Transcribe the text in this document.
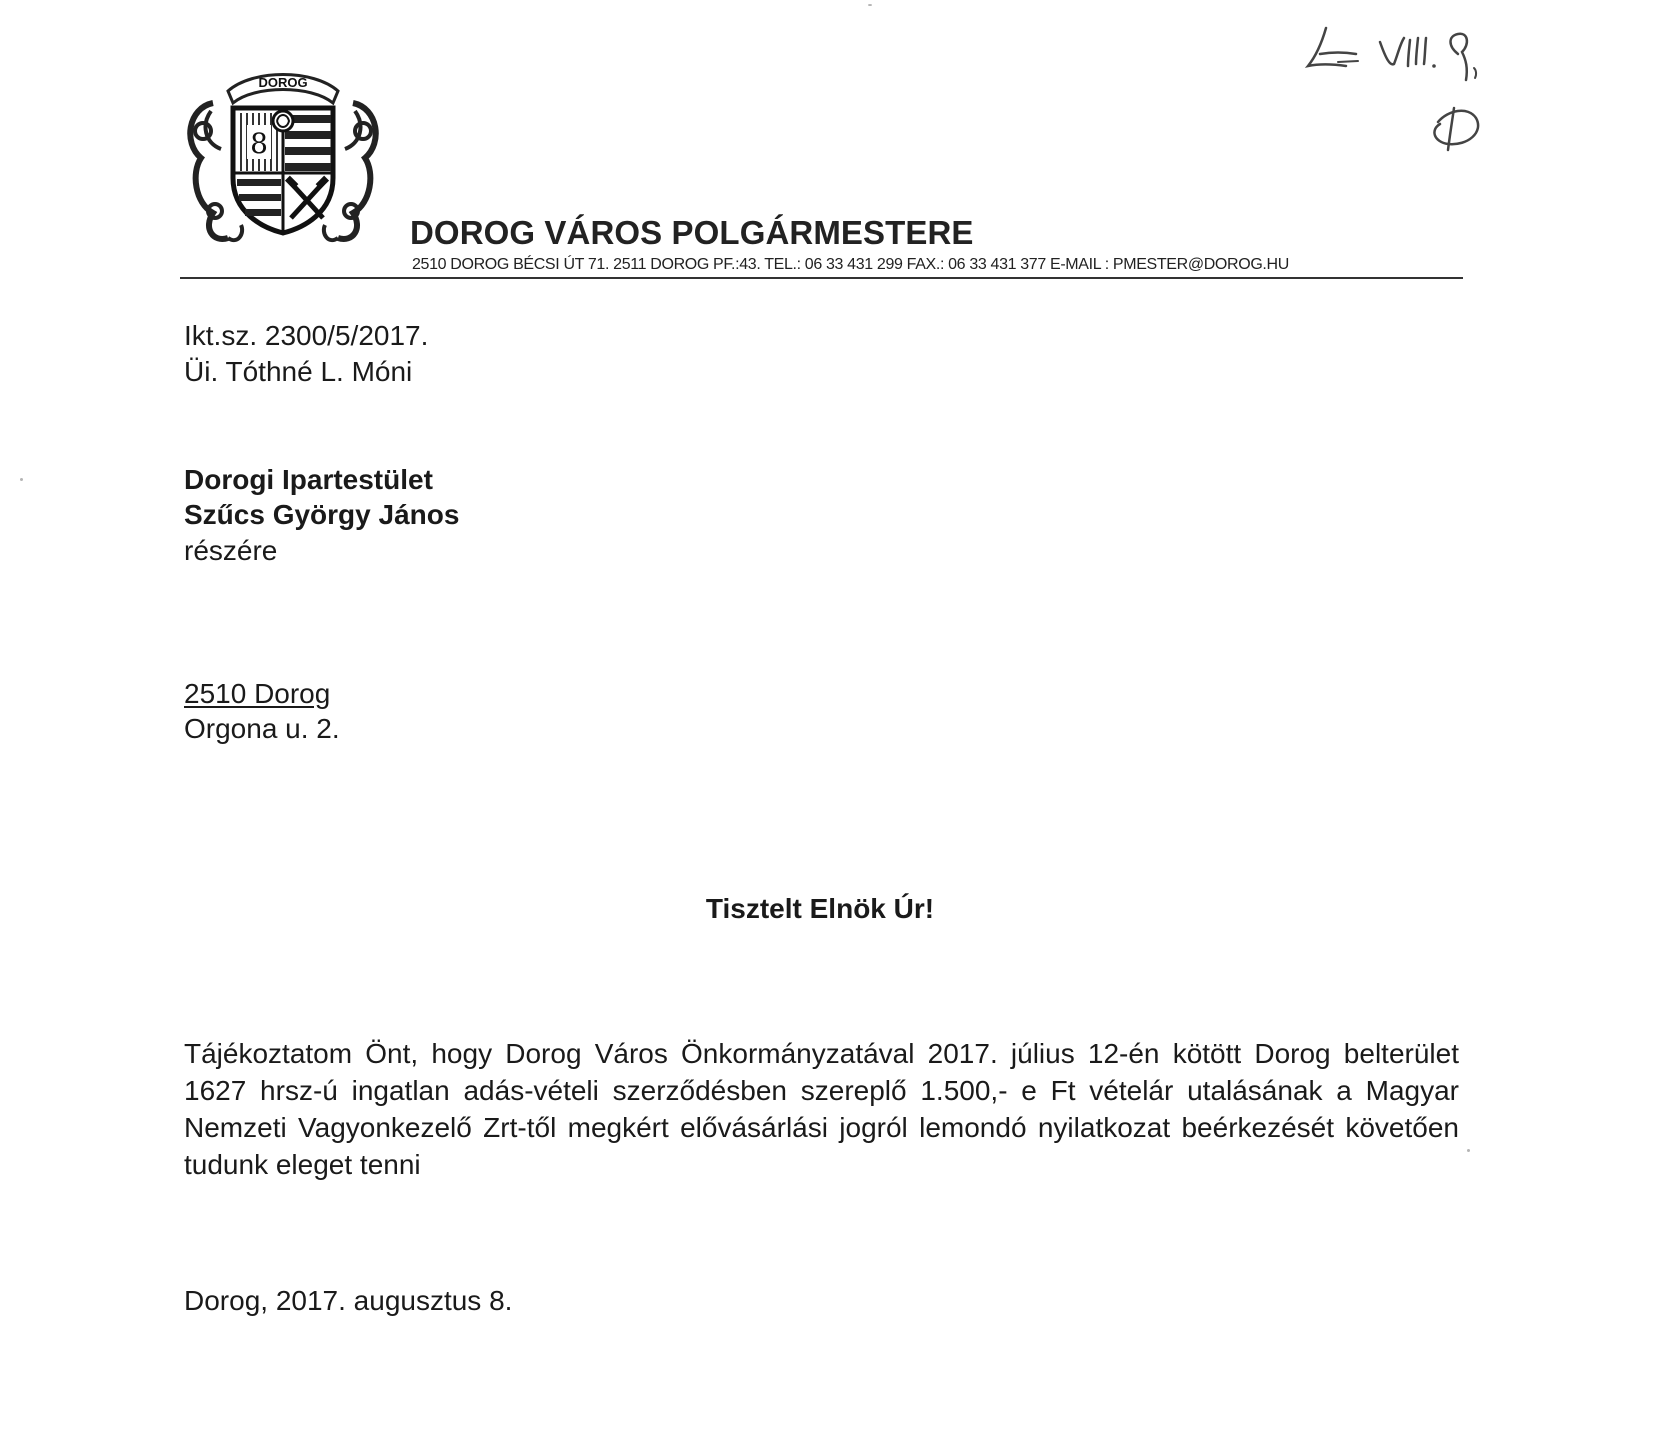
8
DOROG
DOROG VÁROS POLGÁRMESTERE
2510 DOROG BÉCSI ÚT 71. 2511 DOROG PF.:43. TEL.: 06 33 431 299 FAX.: 06 33 431 377 E-MAIL : PMESTER@DOROG.HU
Ikt.sz. 2300/5/2017.
Üi. Tóthné L. Móni
Dorogi Ipartestület
Szűcs György János
részére
2510 Dorog
Orgona u. 2.
Tisztelt Elnök Úr!
Tájékoztatom Önt, hogy Dorog Város Önkormányzatával 2017. július 12-én kötött Dorog belterület 1627 hrsz-ú ingatlan adás-vételi szerződésben szereplő 1.500,- e Ft vételár utalásának a Magyar Nemzeti Vagyonkezelő Zrt-től megkért elővásárlási jogról lemondó nyilatkozat beérkezését követően tudunk eleget tenni
Dorog, 2017. augusztus 8.
